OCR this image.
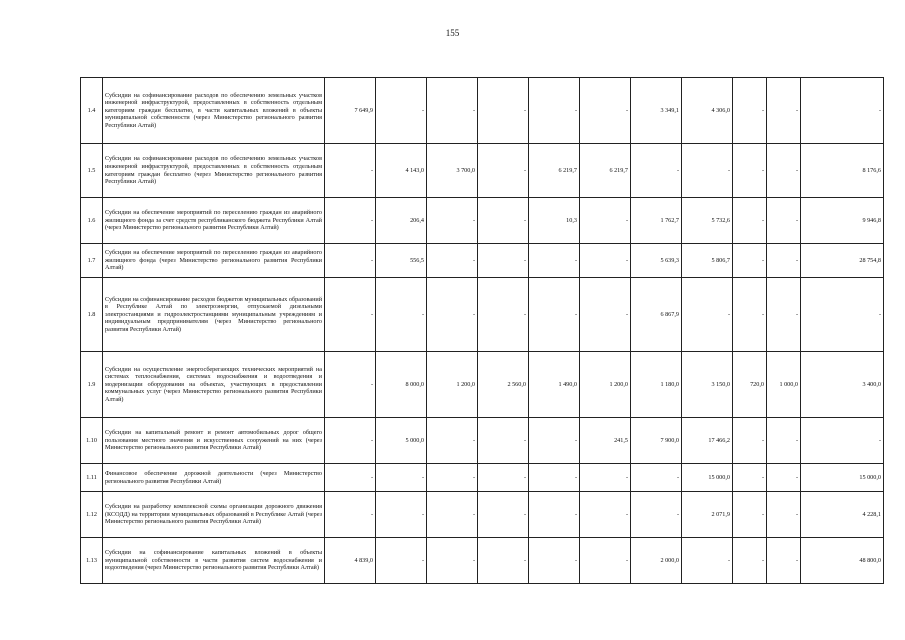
155
1.4	Субсидии на софинансирование расходов по обеспечению земельных участков инженерной инфраструктурой, предоставленных в собственность отдельным категориям граждан бесплатно, в части капитальных вложений в объекты муниципальной собственности (через Министерство регионального развития Республики Алтай)	7 649,9	-	-	-	-	-	3 349,1	4 306,0	-	-	-
1.5	Субсидии на софинансирование расходов по обеспечению земельных участков инженерной инфраструктурой, предоставленных в собственность отдельным категориям граждан бесплатно (через Министерство регионального развития Республики Алтай)	-	4 143,0	3 700,0	-	6 219,7	6 219,7	-	-	-	-	8 176,6
1.6	Субсидии на обеспечение мероприятий по переселению граждан из аварийного жилищного фонда за счет средств республиканского бюджета Республики Алтай (через Министерство регионального развития Республики Алтай)	-	206,4	-	-	10,3	-	1 762,7	5 732,6	-	-	9 946,8
1.7	Субсидии на обеспечение мероприятий по переселению граждан из аварийного жилищного фонда (через Министерство регионального развития Республики Алтай)	-	556,5	-	-	-	-	5 639,3	5 806,7	-	-	28 754,8
1.8	Субсидии на софинансирование расходов бюджетов муниципальных образований в Республике Алтай по электроэнергии, отпускаемой дизельными электростанциями и гидроэлектростанциями муниципальным учреждениям и индивидуальным предпринимателям (через Министерство регионального развития Республики Алтай)	-	-	-	-	-	-	6 867,9	-	-	-	-
1.9	Субсидии на осуществление энергосберегающих технических мероприятий на системах теплоснабжения, системах водоснабжения и водоотведения и модернизации оборудования на объектах, участвующих в предоставлении коммунальных услуг (через Министерство регионального развития Республики Алтай)	-	8 000,0	1 200,0	2 560,0	1 490,0	1 200,0	1 180,0	3 150,0	720,0	1 000,0	3 400,0
1.10	Субсидии на капитальный ремонт и ремонт автомобильных дорог общего пользования местного значения и искусственных сооружений на них (через Министерство регионального развития Республики Алтай)	-	5 000,0	-	-	-	241,5	7 900,0	17 466,2	-	-	-
1.11	Финансовое обеспечение дорожной деятельности (через Министерство регионального развития Республики Алтай)	-	-	-	-	-	-	-	15 000,0	-	-	15 000,0
1.12	Субсидии на разработку комплексной схемы организации дорожного движения (КСОДД) на территории муниципальных образований в Республике Алтай (через Министерство регионального развития Республики Алтай)	-	-	-	-	-	-	-	2 071,9	-	-	4 228,1
1.13	Субсидии на софинансирование капитальных вложений в объекты муниципальной собственности в части развития систем водоснабжения и водоотведения (через Министерство регионального развития Республики Алтай)	4 839,0	-	-	-	-	-	2 000,0	-	-	-	48 800,0
